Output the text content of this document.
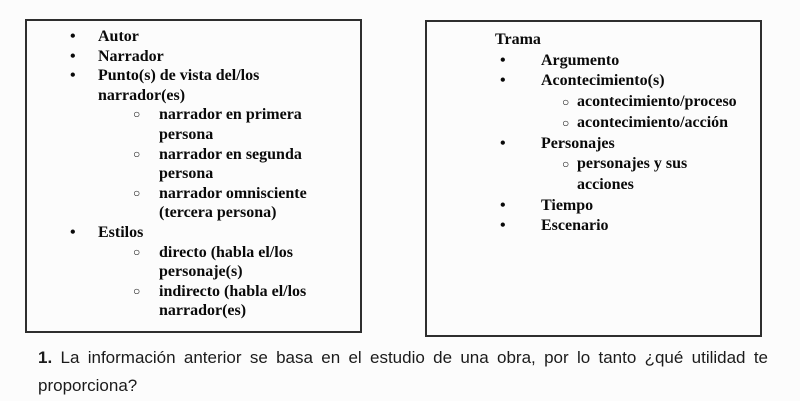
• Autor
• Narrador
• Punto(s) de vista del/los narrador(es)
○ narrador en primera persona
○ narrador en segunda persona
○ narrador omnisciente (tercera persona)
• Estilos
○ directo (habla el/los personaje(s)
○ indirecto (habla el/los narrador(es)
Trama
• Argumento
• Acontecimiento(s)
○ acontecimiento/proceso
○ acontecimiento/acción
• Personajes
○ personajes y sus acciones
• Tiempo
• Escenario

1. La información anterior se basa en el estudio de una obra, por lo tanto ¿qué utilidad te proporciona?
